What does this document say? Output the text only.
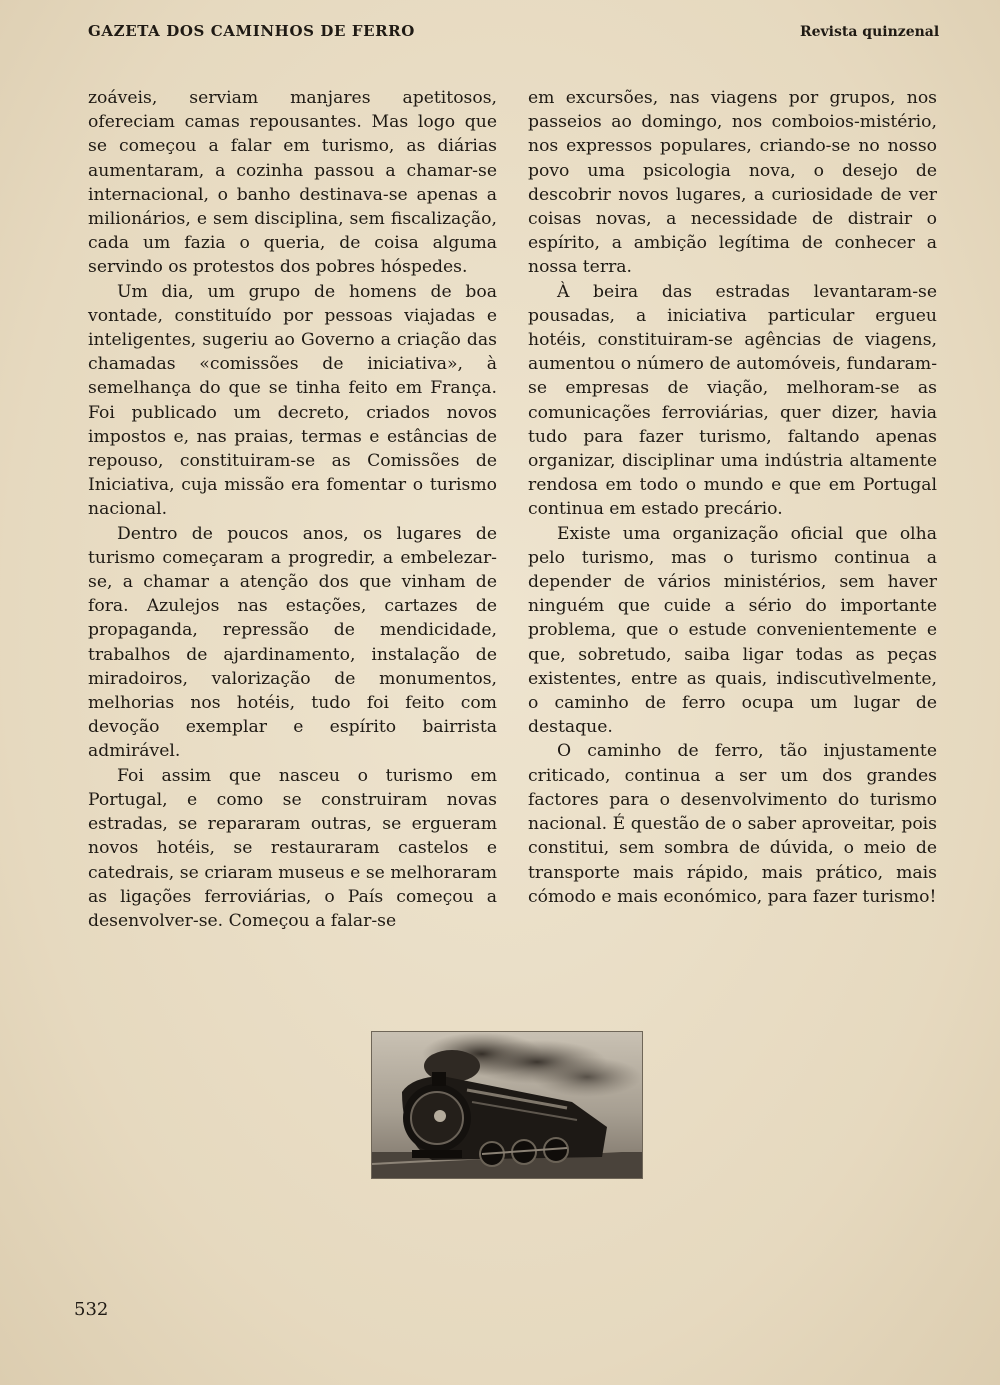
GAZETA DOS CAMINHOS DE FERRO	Revista quinzenal

zoáveis, serviam manjares apetitosos, ofereciam camas repousantes. Mas logo que se começou a falar em turismo, as diárias aumentaram, a cozinha passou a chamar-se internacional, o banho destinava-se apenas a milionários, e sem disciplina, sem fiscalização, cada um fazia o queria, de coisa alguma servindo os protestos dos pobres hóspedes.

Um dia, um grupo de homens de boa vontade, constituído por pessoas viajadas e inteligentes, sugeriu ao Governo a criação das chamadas «comissões de iniciativa», à semelhança do que se tinha feito em França. Foi publicado um decreto, criados novos impostos e, nas praias, termas e estâncias de repouso, constituiram-se as Comissões de Iniciativa, cuja missão era fomentar o turismo nacional.

Dentro de poucos anos, os lugares de turismo começaram a progredir, a embelezar-se, a chamar a atenção dos que vinham de fora. Azulejos nas estações, cartazes de propaganda, repressão de mendicidade, trabalhos de ajardinamento, instalação de miradoiros, valorização de monumentos, melhorias nos hotéis, tudo foi feito com devoção exemplar e espírito bairrista admirável.

Foi assim que nasceu o turismo em Portugal, e como se construiram novas estradas, se repararam outras, se ergueram novos hotéis, se restauraram castelos e catedrais, se criaram museus e se melhoraram as ligações ferroviárias, o País começou a desenvolver-se. Começou a falar-se

em excursões, nas viagens por grupos, nos passeios ao domingo, nos comboios-mistério, nos expressos populares, criando-se no nosso povo uma psicologia nova, o desejo de descobrir novos lugares, a curiosidade de ver coisas novas, a necessidade de distrair o espírito, a ambição legítima de conhecer a nossa terra.

À beira das estradas levantaram-se pousadas, a iniciativa particular ergueu hotéis, constituiram-se agências de viagens, aumentou o número de automóveis, fundaram-se empresas de viação, melhoram-se as comunicações ferroviárias, quer dizer, havia tudo para fazer turismo, faltando apenas organizar, disciplinar uma indústria altamente rendosa em todo o mundo e que em Portugal continua em estado precário.

Existe uma organização oficial que olha pelo turismo, mas o turismo continua a depender de vários ministérios, sem haver ninguém que cuide a sério do importante problema, que o estude convenientemente e que, sobretudo, saiba ligar todas as peças existentes, entre as quais, indiscutìvelmente, o caminho de ferro ocupa um lugar de destaque.

O caminho de ferro, tão injustamente criticado, continua a ser um dos grandes factores para o desenvolvimento do turismo nacional. É questão de o saber aproveitar, pois constitui, sem sombra de dúvida, o meio de transporte mais rápido, mais prático, mais cómodo e mais económico, para fazer turismo!

532
